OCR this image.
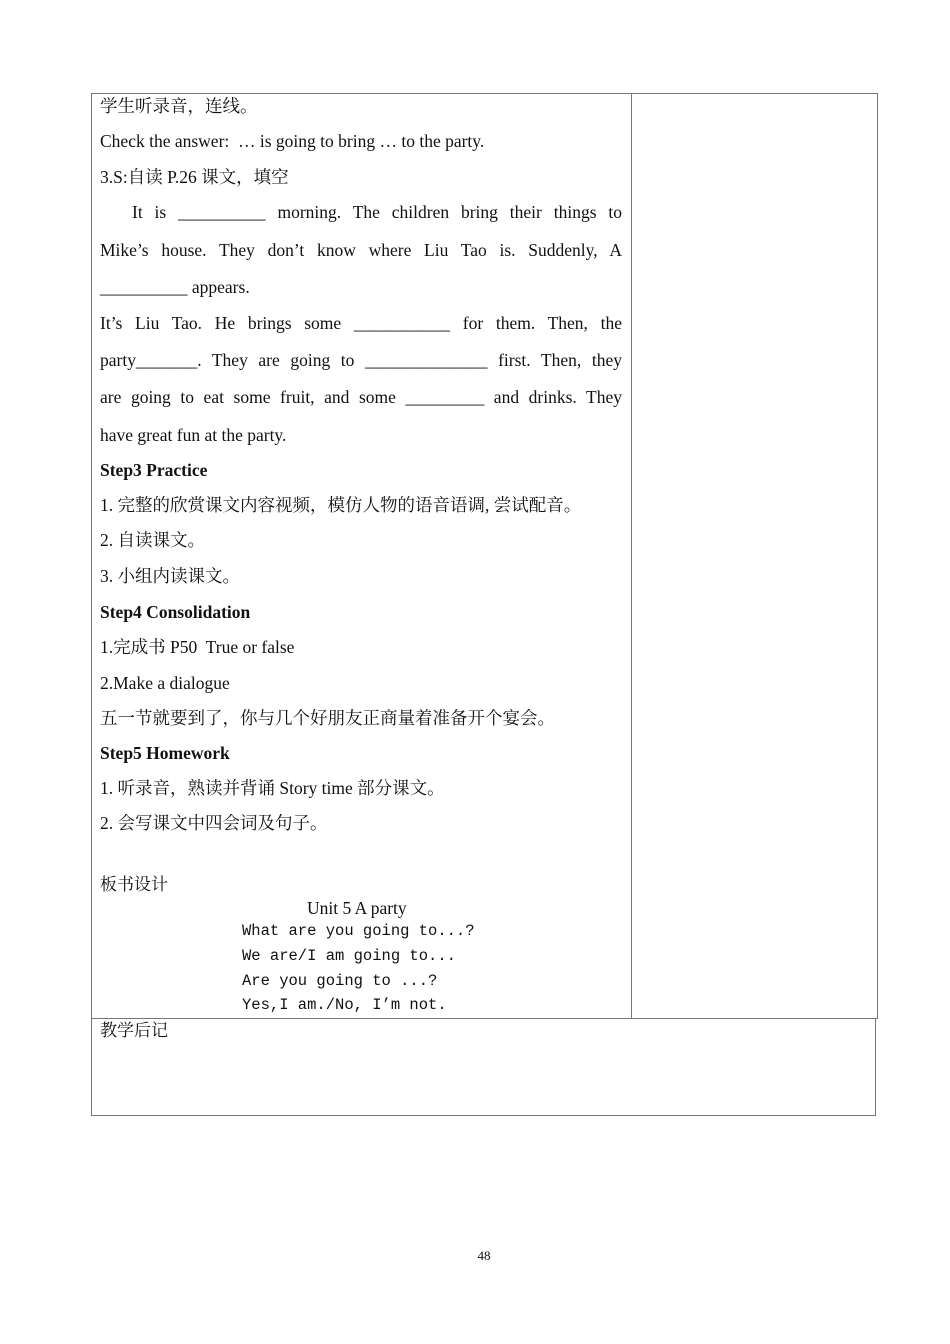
学生听录音，连线。
Check the answer:  … is going to bring … to the party.
3.S:自读 P.26 课文，填空
It is __________ morning. The children bring their things to
Mike’s house. They don’t know where Liu Tao is. Suddenly, A
__________ appears.
It’s Liu Tao. He brings some ___________ for them. Then, the
party_______. They are going to ______________ first. Then, they
are going to eat some fruit, and some _________ and drinks. They
have great fun at the party.
Step3 Practice
1. 完整的欣赏课文内容视频，模仿人物的语音语调, 尝试配音。
2. 自读课文。
3. 小组内读课文。
Step4 Consolidation
1.完成书 P50  True or false
2.Make a dialogue
五一节就要到了，你与几个好朋友正商量着准备开个宴会。
Step5 Homework
1. 听录音，熟读并背诵 Story time 部分课文。
2. 会写课文中四会词及句子。
板书设计
Unit 5 A party
What are you going to...?
We are/I am going to...
Are you going to ...?
Yes,I am./No, I’m not.
教学后记
48
